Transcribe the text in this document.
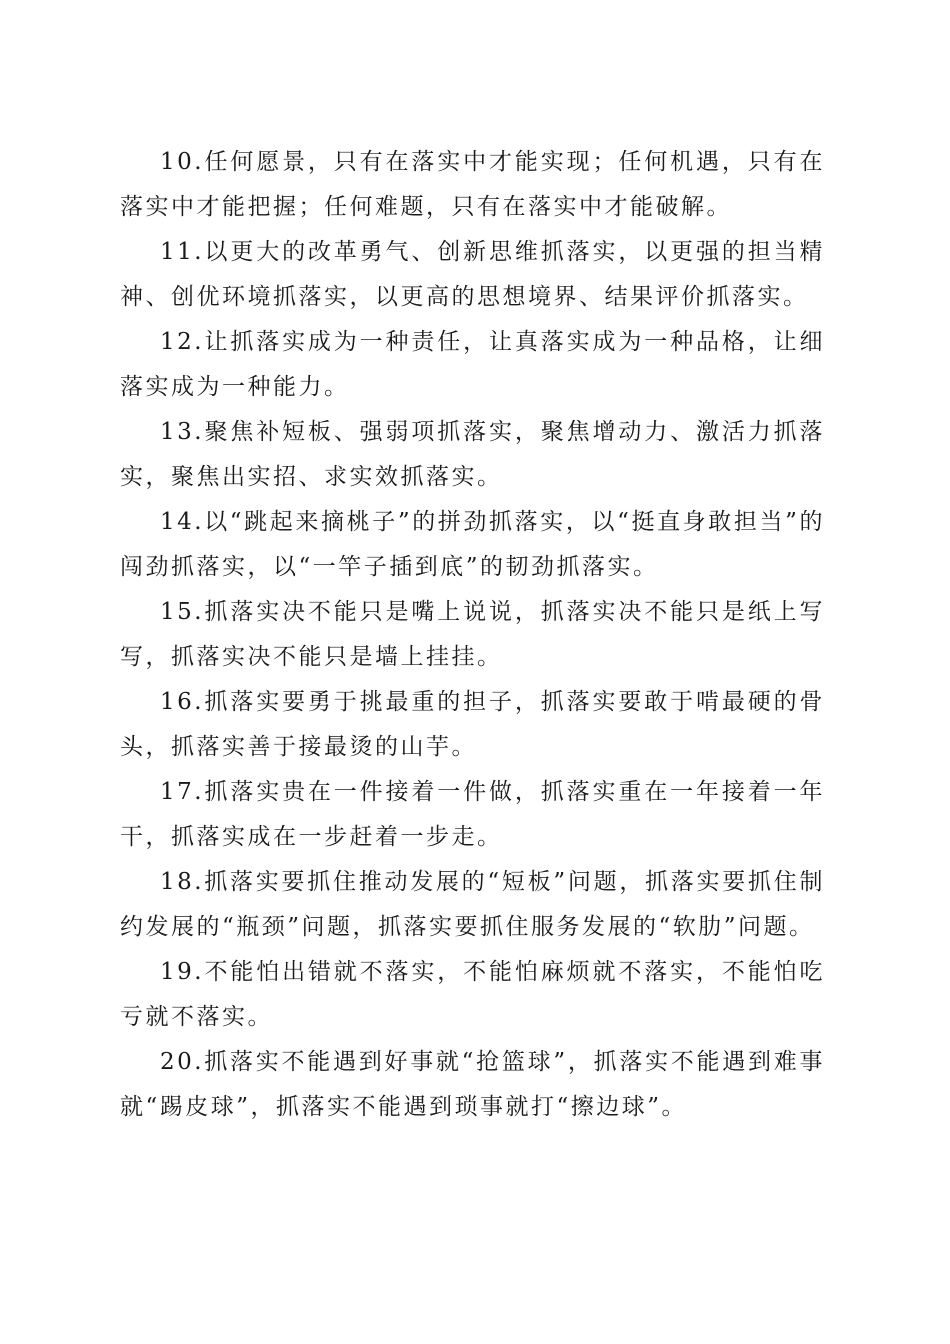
10.任何愿景，只有在落实中才能实现；任何机遇，只有在落实中才能把握；任何难题，只有在落实中才能破解。

11.以更大的改革勇气、创新思维抓落实，以更强的担当精神、创优环境抓落实，以更高的思想境界、结果评价抓落实。

12.让抓落实成为一种责任，让真落实成为一种品格，让细落实成为一种能力。

13.聚焦补短板、强弱项抓落实，聚焦增动力、激活力抓落实，聚焦出实招、求实效抓落实。

14.以“跳起来摘桃子”的拼劲抓落实，以“挺直身敢担当”的闯劲抓落实，以“一竿子插到底”的韧劲抓落实。

15.抓落实决不能只是嘴上说说，抓落实决不能只是纸上写写，抓落实决不能只是墙上挂挂。

16.抓落实要勇于挑最重的担子，抓落实要敢于啃最硬的骨头，抓落实善于接最烫的山芋。

17.抓落实贵在一件接着一件做，抓落实重在一年接着一年干，抓落实成在一步赶着一步走。

18.抓落实要抓住推动发展的“短板”问题，抓落实要抓住制约发展的“瓶颈”问题，抓落实要抓住服务发展的“软肋”问题。

19.不能怕出错就不落实，不能怕麻烦就不落实，不能怕吃亏就不落实。

20.抓落实不能遇到好事就“抢篮球”，抓落实不能遇到难事就“踢皮球”，抓落实不能遇到琐事就打“擦边球”。
